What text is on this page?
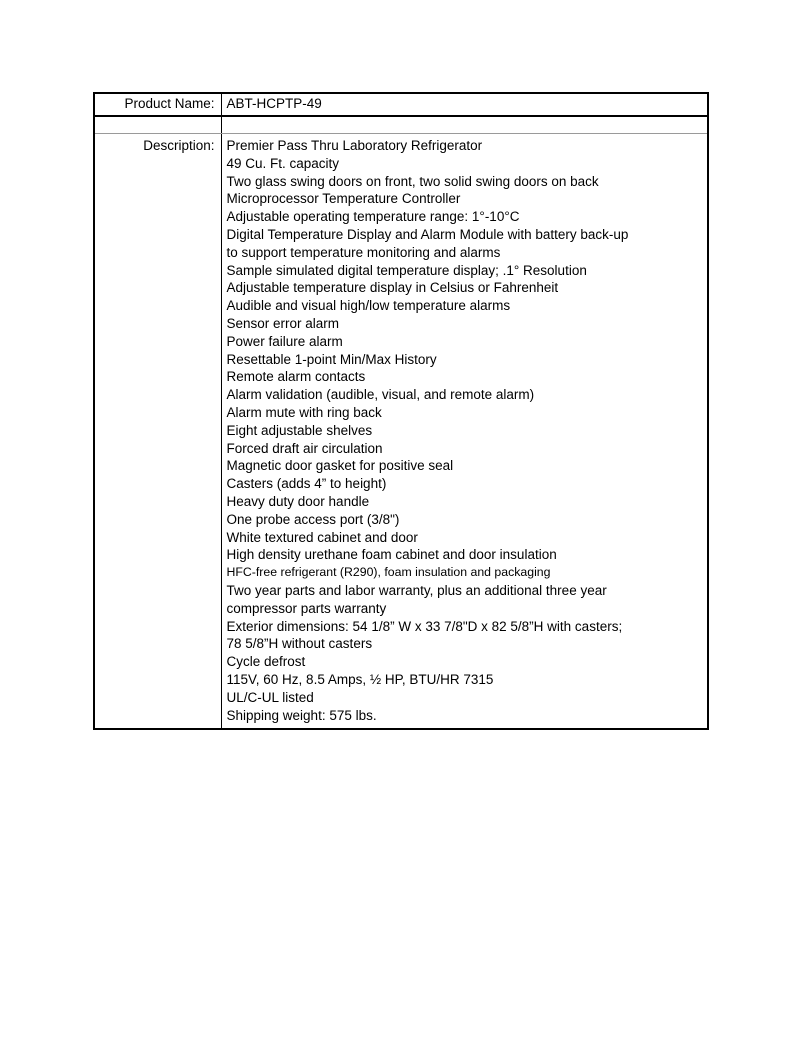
Product Name:	ABT-HCPTP-49

Description:	Premier Pass Thru Laboratory Refrigerator
49 Cu. Ft. capacity
Two glass swing doors on front, two solid swing doors on back
Microprocessor Temperature Controller
Adjustable operating temperature range: 1°-10°C
Digital Temperature Display and Alarm Module with battery back-up
to support temperature monitoring and alarms
Sample simulated digital temperature display; .1° Resolution
Adjustable temperature display in Celsius or Fahrenheit
Audible and visual high/low temperature alarms
Sensor error alarm
Power failure alarm
Resettable 1-point Min/Max History
Remote alarm contacts
Alarm validation (audible, visual, and remote alarm)
Alarm mute with ring back
Eight adjustable shelves
Forced draft air circulation
Magnetic door gasket for positive seal
Casters (adds 4” to height)
Heavy duty door handle
One probe access port (3/8")
White textured cabinet and door
High density urethane foam cabinet and door insulation
HFC-free refrigerant (R290), foam insulation and packaging
Two year parts and labor warranty, plus an additional three year
compressor parts warranty
Exterior dimensions: 54 1/8” W x 33 7/8"D x 82 5/8”H with casters;
78 5/8”H without casters
Cycle defrost
115V, 60 Hz, 8.5 Amps, ½ HP, BTU/HR 7315
UL/C-UL listed
Shipping weight: 575 lbs.
